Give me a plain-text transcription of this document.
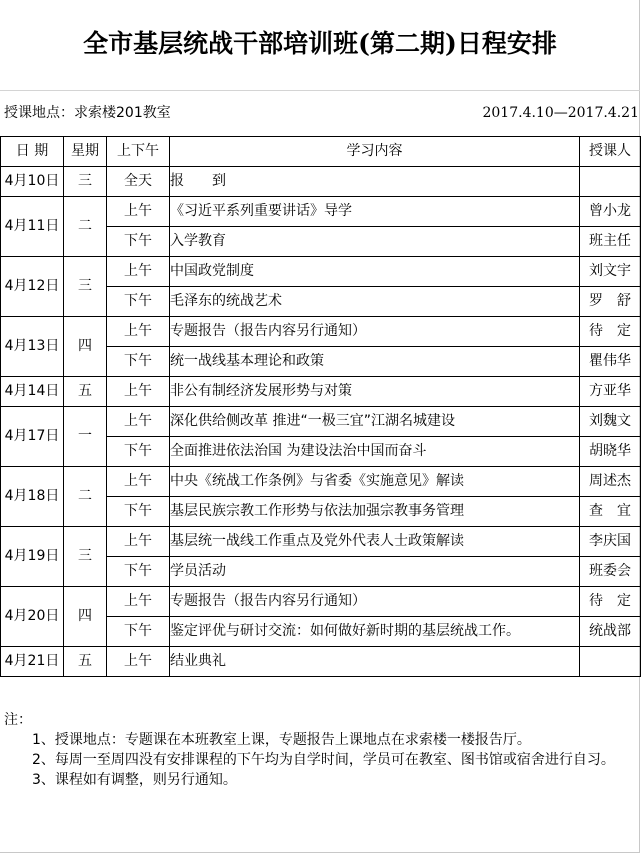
全市基层统战干部培训班(第二期)日程安排
授课地点：求索楼201教室	2017.4.10—2017.4.21
日 期	星期	上下午	学习内容	授课人
4月10日	三	全天	报　　到	
4月11日	二	上午	《习近平系列重要讲话》导学	曾小龙
		下午	入学教育	班主任
4月12日	三	上午	中国政党制度	刘文宇
		下午	毛泽东的统战艺术	罗　舒
4月13日	四	上午	专题报告（报告内容另行通知）	待　定
		下午	统一战线基本理论和政策	瞿伟华
4月14日	五	上午	非公有制经济发展形势与对策	方亚华
4月17日	一	上午	深化供给侧改革 推进“一极三宜”江湖名城建设	刘魏文
		下午	全面推进依法治国 为建设法治中国而奋斗	胡晓华
4月18日	二	上午	中央《统战工作条例》与省委《实施意见》解读	周述杰
		下午	基层民族宗教工作形势与依法加强宗教事务管理	查　宜
4月19日	三	上午	基层统一战线工作重点及党外代表人士政策解读	李庆国
		下午	学员活动	班委会
4月20日	四	上午	专题报告（报告内容另行通知）	待　定
		下午	鉴定评优与研讨交流：如何做好新时期的基层统战工作。	统战部
4月21日	五	上午	结业典礼	

注：

1、授课地点：专题课在本班教室上课，专题报告上课地点在求索楼一楼报告厅。

2、每周一至周四没有安排课程的下午均为自学时间，学员可在教室、图书馆或宿舍进行自习。

3、课程如有调整，则另行通知。
